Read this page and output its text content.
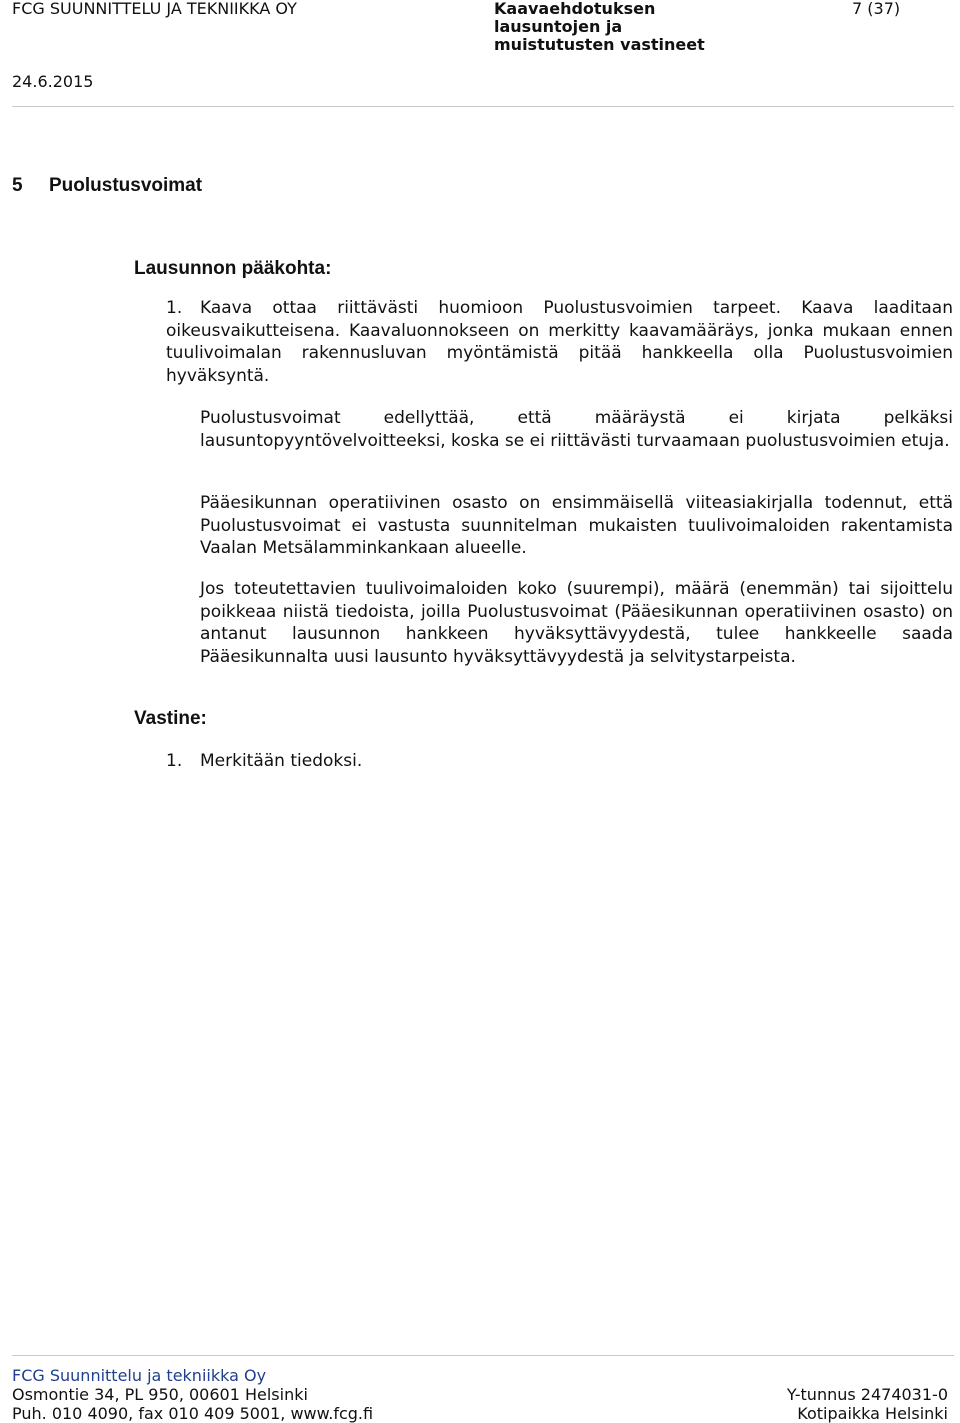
FCG SUUNNITTELU JA TEKNIIKKA OY	Kaavaehdotuksen
lausuntojen ja
muistutusten vastineet
7 (37)
24.6.2015
5 Puolustusvoimat
Lausunnon pääkohta:
1. Kaava ottaa riittävästi huomioon Puolustusvoimien tarpeet. Kaava laaditaan
oikeusvaikutteisena. Kaavaluonnokseen on merkitty kaavamääräys, jonka mukaan ennen tuulivoimalan rakennusluvan myöntämistä pitää hankkeella olla Puolustusvoimien hyväksyntä.
Puolustusvoimat edellyttää, että määräystä ei kirjata pelkäksi lausuntopyyntövelvoitteeksi, koska se ei riittävästi turvaamaan puolustusvoimien etuja.
Pääesikunnan operatiivinen osasto on ensimmäisellä viiteasiakirjalla todennut, että Puolustusvoimat ei vastusta suunnitelman mukaisten tuulivoimaloiden rakentamista Vaalan Metsälamminkankaan alueelle.
Jos toteutettavien tuulivoimaloiden koko (suurempi), määrä (enemmän) tai sijoittelu poikkeaa niistä tiedoista, joilla Puolustusvoimat (Pääesikunnan operatiivinen osasto) on antanut lausunnon hankkeen hyväksyttävyydestä, tulee hankkeelle saada Pääesikunnalta uusi lausunto hyväksyttävyydestä ja selvitystarpeista.
Vastine:
1. Merkitään tiedoksi.
FCG Suunnittelu ja tekniikka Oy
Osmontie 34, PL 950, 00601 Helsinki	Y-tunnus 2474031-0
Puh. 010 4090, fax 010 409 5001, www.fcg.fi	Kotipaikka Helsinki
